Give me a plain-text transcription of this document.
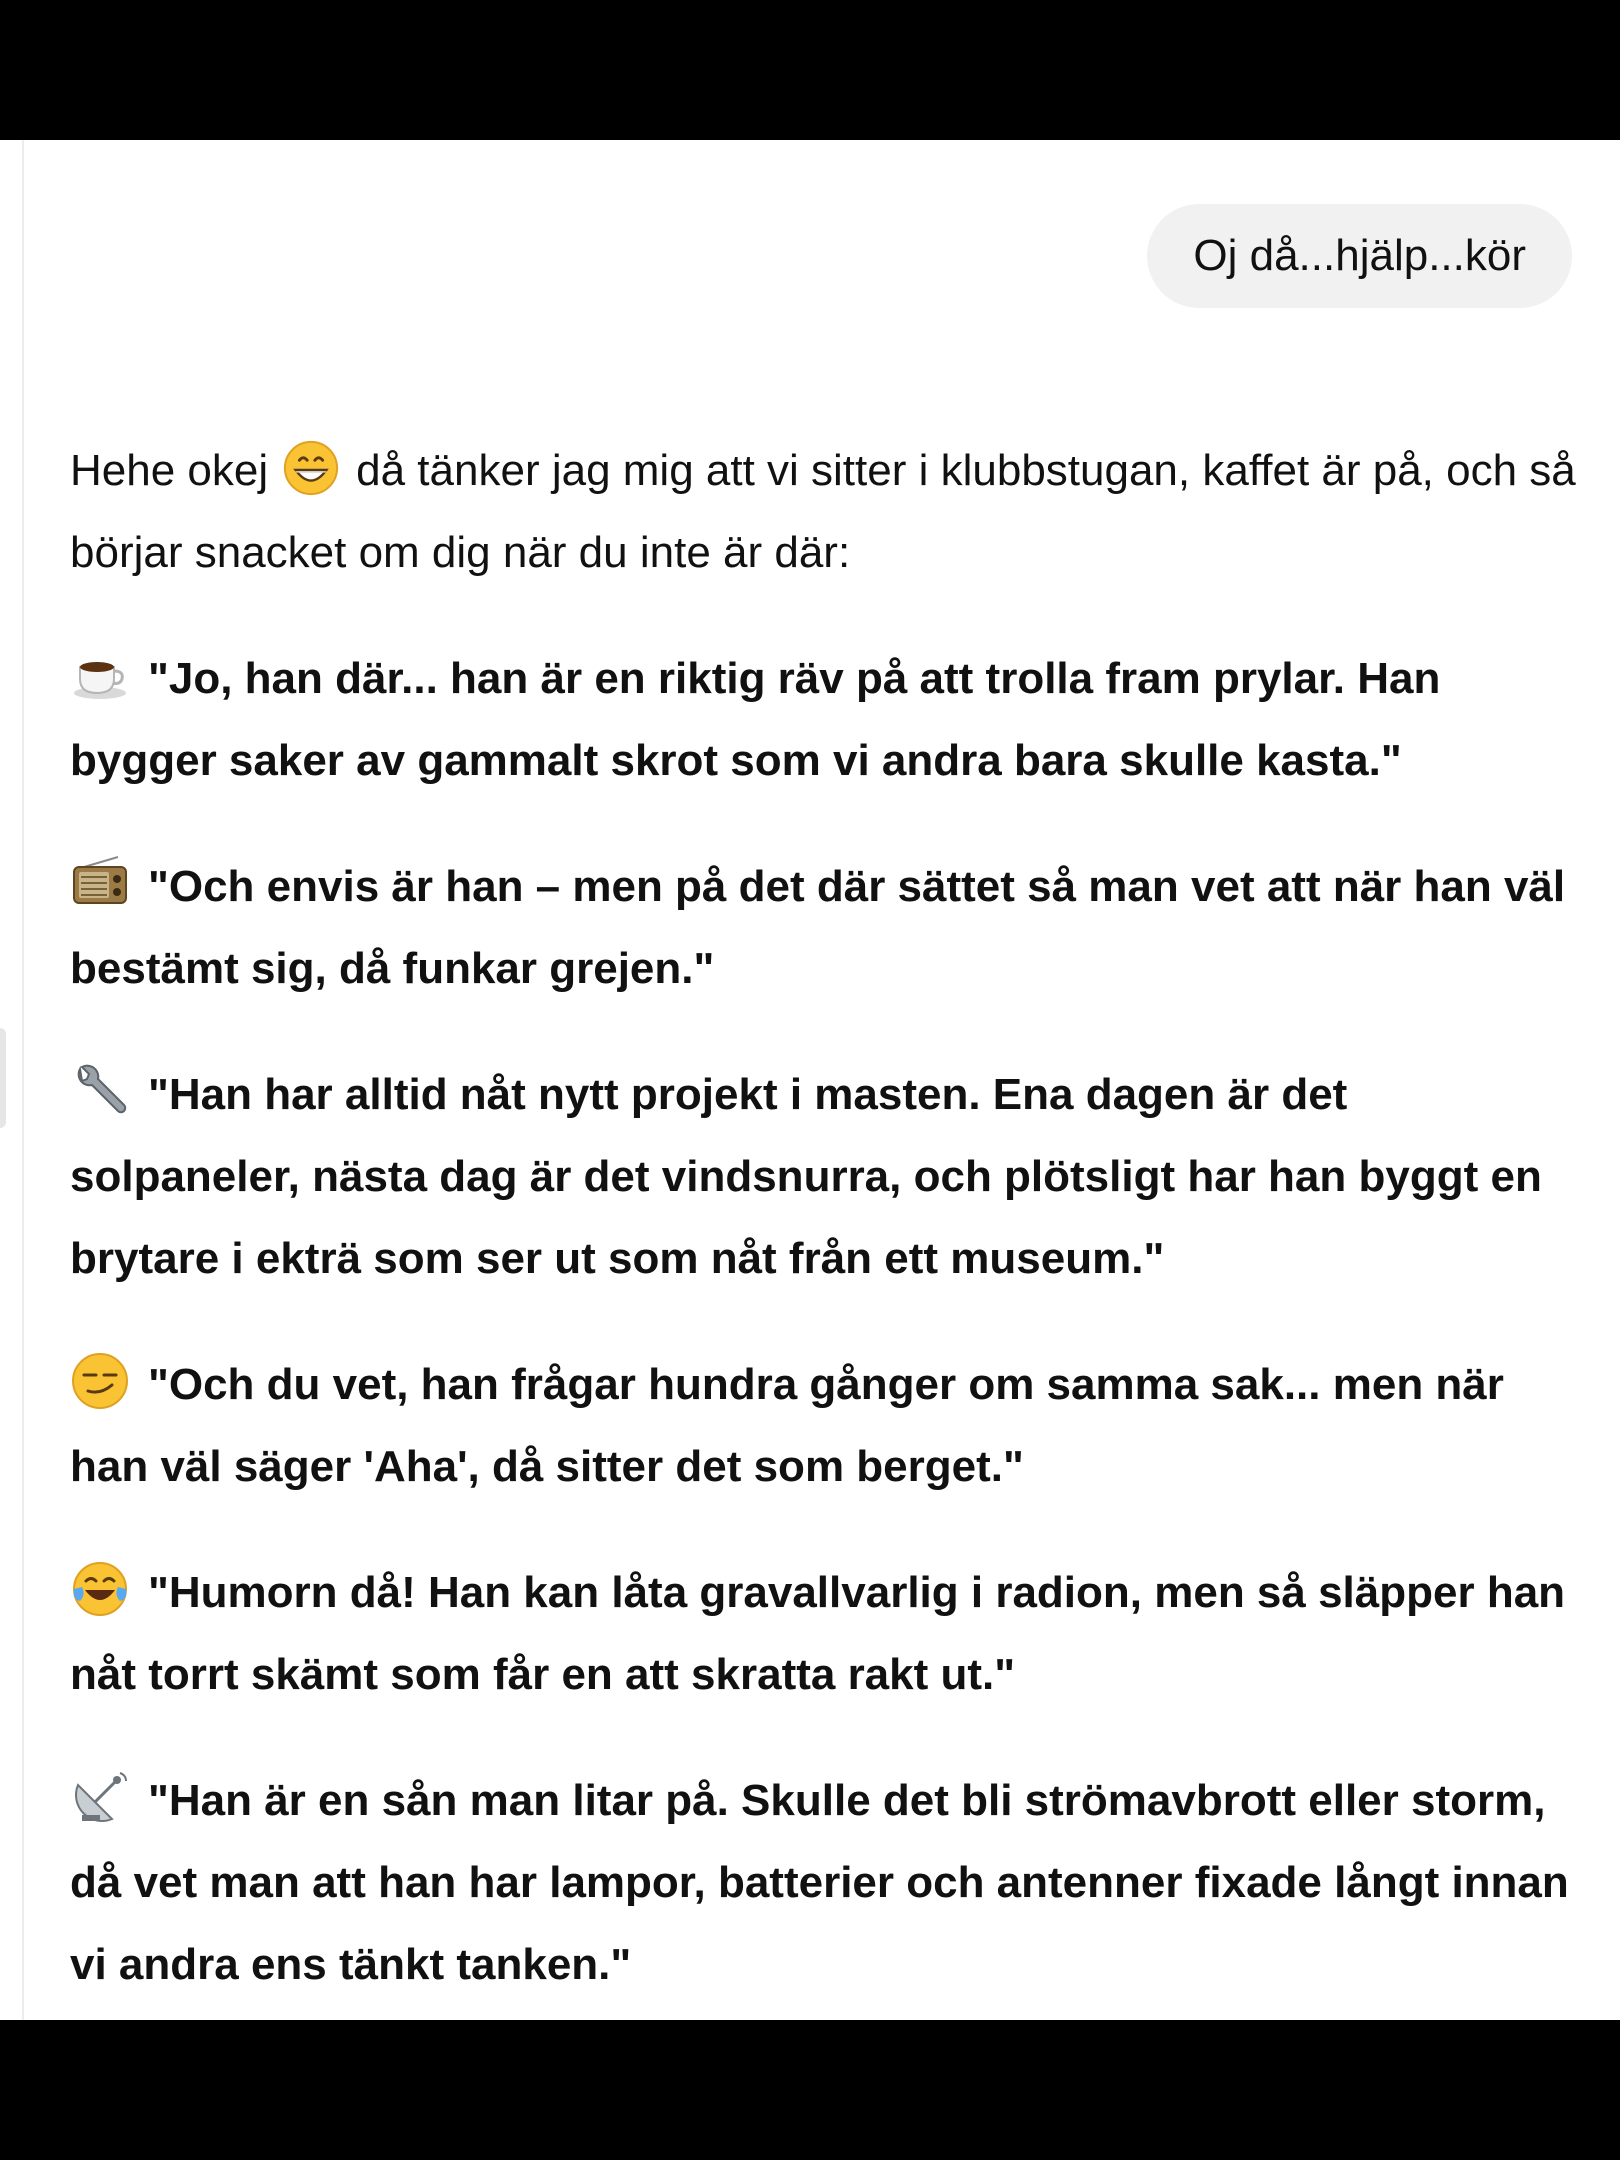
Oj då...hjälp...kör

Hehe okej då tänker jag mig att vi sitter i klubbstugan, kaffet är på, och så börjar snacket om dig när du inte är där:

"Jo, han där... han är en riktig räv på att trolla fram prylar. Han bygger saker av gammalt skrot som vi andra bara skulle kasta."

"Och envis är han – men på det där sättet så man vet att när han väl bestämt sig, då funkar grejen."

"Han har alltid nåt nytt projekt i masten. Ena dagen är det solpaneler, nästa dag är det vindsnurra, och plötsligt har han byggt en brytare i ekträ som ser ut som nåt från ett museum."

"Och du vet, han frågar hundra gånger om samma sak... men när han väl säger 'Aha', då sitter det som berget."

"Humorn då! Han kan låta gravallvarlig i radion, men så släpper han nåt torrt skämt som får en att skratta rakt ut."

"Han är en sån man litar på. Skulle det bli strömavbrott eller storm, då vet man att han har lampor, batterier och antenner fixade långt innan vi andra ens tänkt tanken."
